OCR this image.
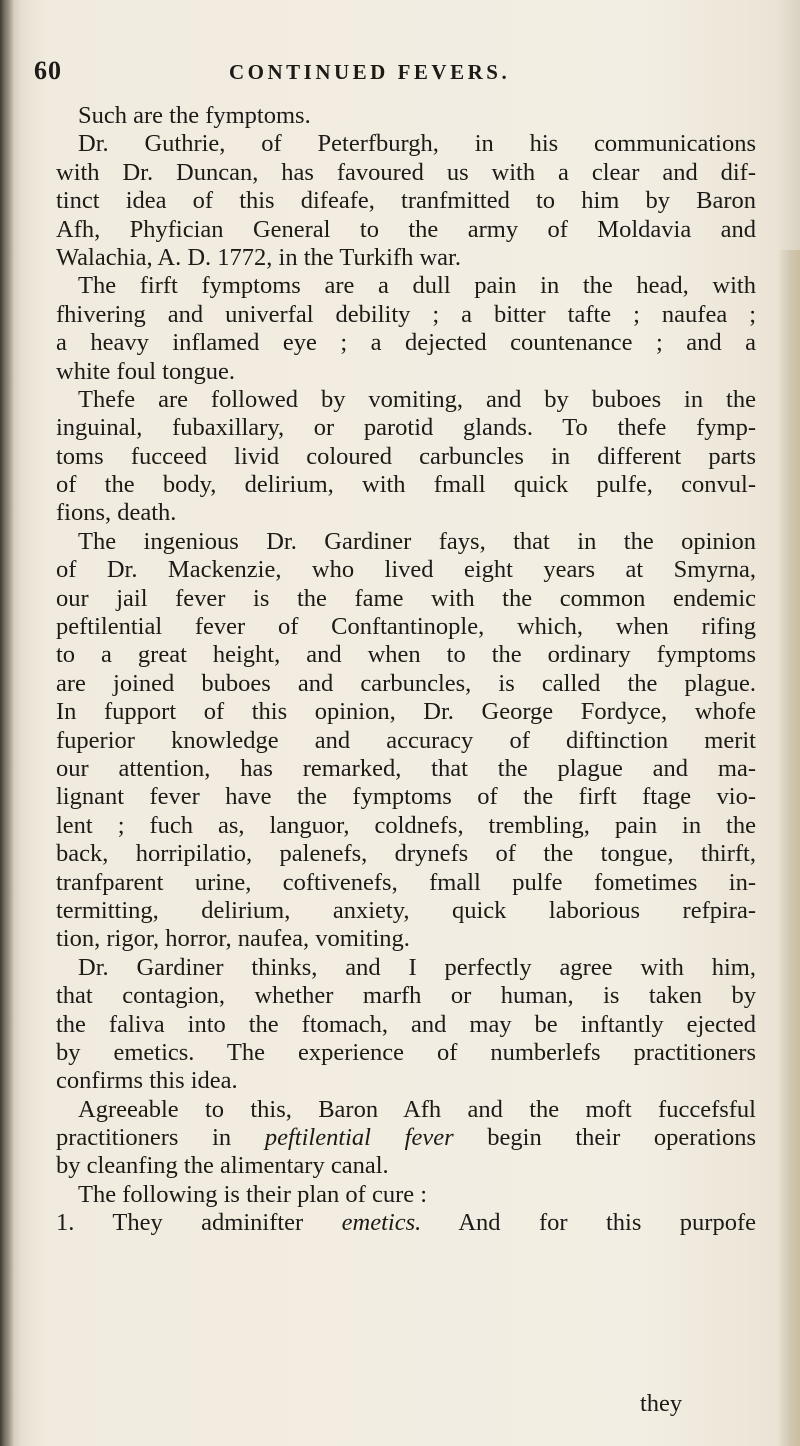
60	CONTINUED FEVERS.
Such are the fymptoms.
Dr. Guthrie, of Peterfburgh, in his communications
with Dr. Duncan, has favoured us with a clear and dif-
tinct idea of this difeafe, tranfmitted to him by Baron
Afh, Phyfician General to the army of Moldavia and
Walachia, A. D. 1772, in the Turkifh war.
The firft fymptoms are a dull pain in the head, with
fhivering and univerfal debility ; a bitter tafte ; naufea ;
a heavy inflamed eye ; a dejected countenance ; and a
white foul tongue.
Thefe are followed by vomiting, and by buboes in the
inguinal, fubaxillary, or parotid glands. To thefe fymp-
toms fucceed livid coloured carbuncles in different parts
of the body, delirium, with fmall quick pulfe, convul-
fions, death.
The ingenious Dr. Gardiner fays, that in the opinion
of Dr. Mackenzie, who lived eight years at Smyrna,
our jail fever is the fame with the common endemic
peftilential fever of Conftantinople, which, when rifing
to a great height, and when to the ordinary fymptoms
are joined buboes and carbuncles, is called the plague.
In fupport of this opinion, Dr. George Fordyce, whofe
fuperior knowledge and accuracy of diftinction merit
our attention, has remarked, that the plague and ma-
lignant fever have the fymptoms of the firft ftage vio-
lent ; fuch as, languor, coldnefs, trembling, pain in the
back, horripilatio, palenefs, drynefs of the tongue, thirft,
tranfparent urine, coftivenefs, fmall pulfe fometimes in-
termitting, delirium, anxiety, quick laborious refpira-
tion, rigor, horror, naufea, vomiting.
Dr. Gardiner thinks, and I perfectly agree with him,
that contagion, whether marfh or human, is taken by
the faliva into the ftomach, and may be inftantly ejected
by emetics. The experience of numberlefs practitioners
confirms this idea.
Agreeable to this, Baron Afh and the moft fuccefsful
practitioners in peftilential fever begin their operations
by cleanfing the alimentary canal.
The following is their plan of cure :
1. They adminifter emetics. And for this purpofe
they
